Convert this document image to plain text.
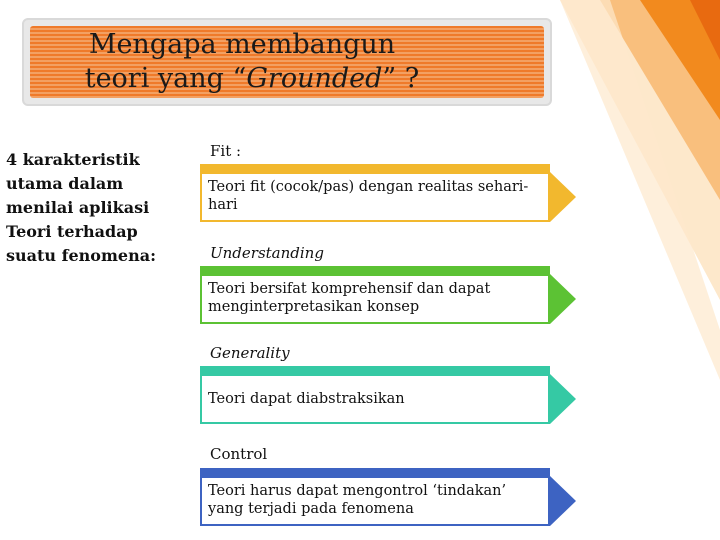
Mengapa membangun
teori yang “Grounded” ?
4 karakteristik utama dalam menilai aplikasi Teori terhadap suatu fenomena:
Fit :
Teori fit (cocok/pas) dengan realitas sehari-hari
Understanding
Teori bersifat komprehensif dan dapat menginterpretasikan konsep
Generality
Teori dapat diabstraksikan
Control
Teori harus dapat mengontrol ‘tindakan’ yang terjadi pada fenomena
